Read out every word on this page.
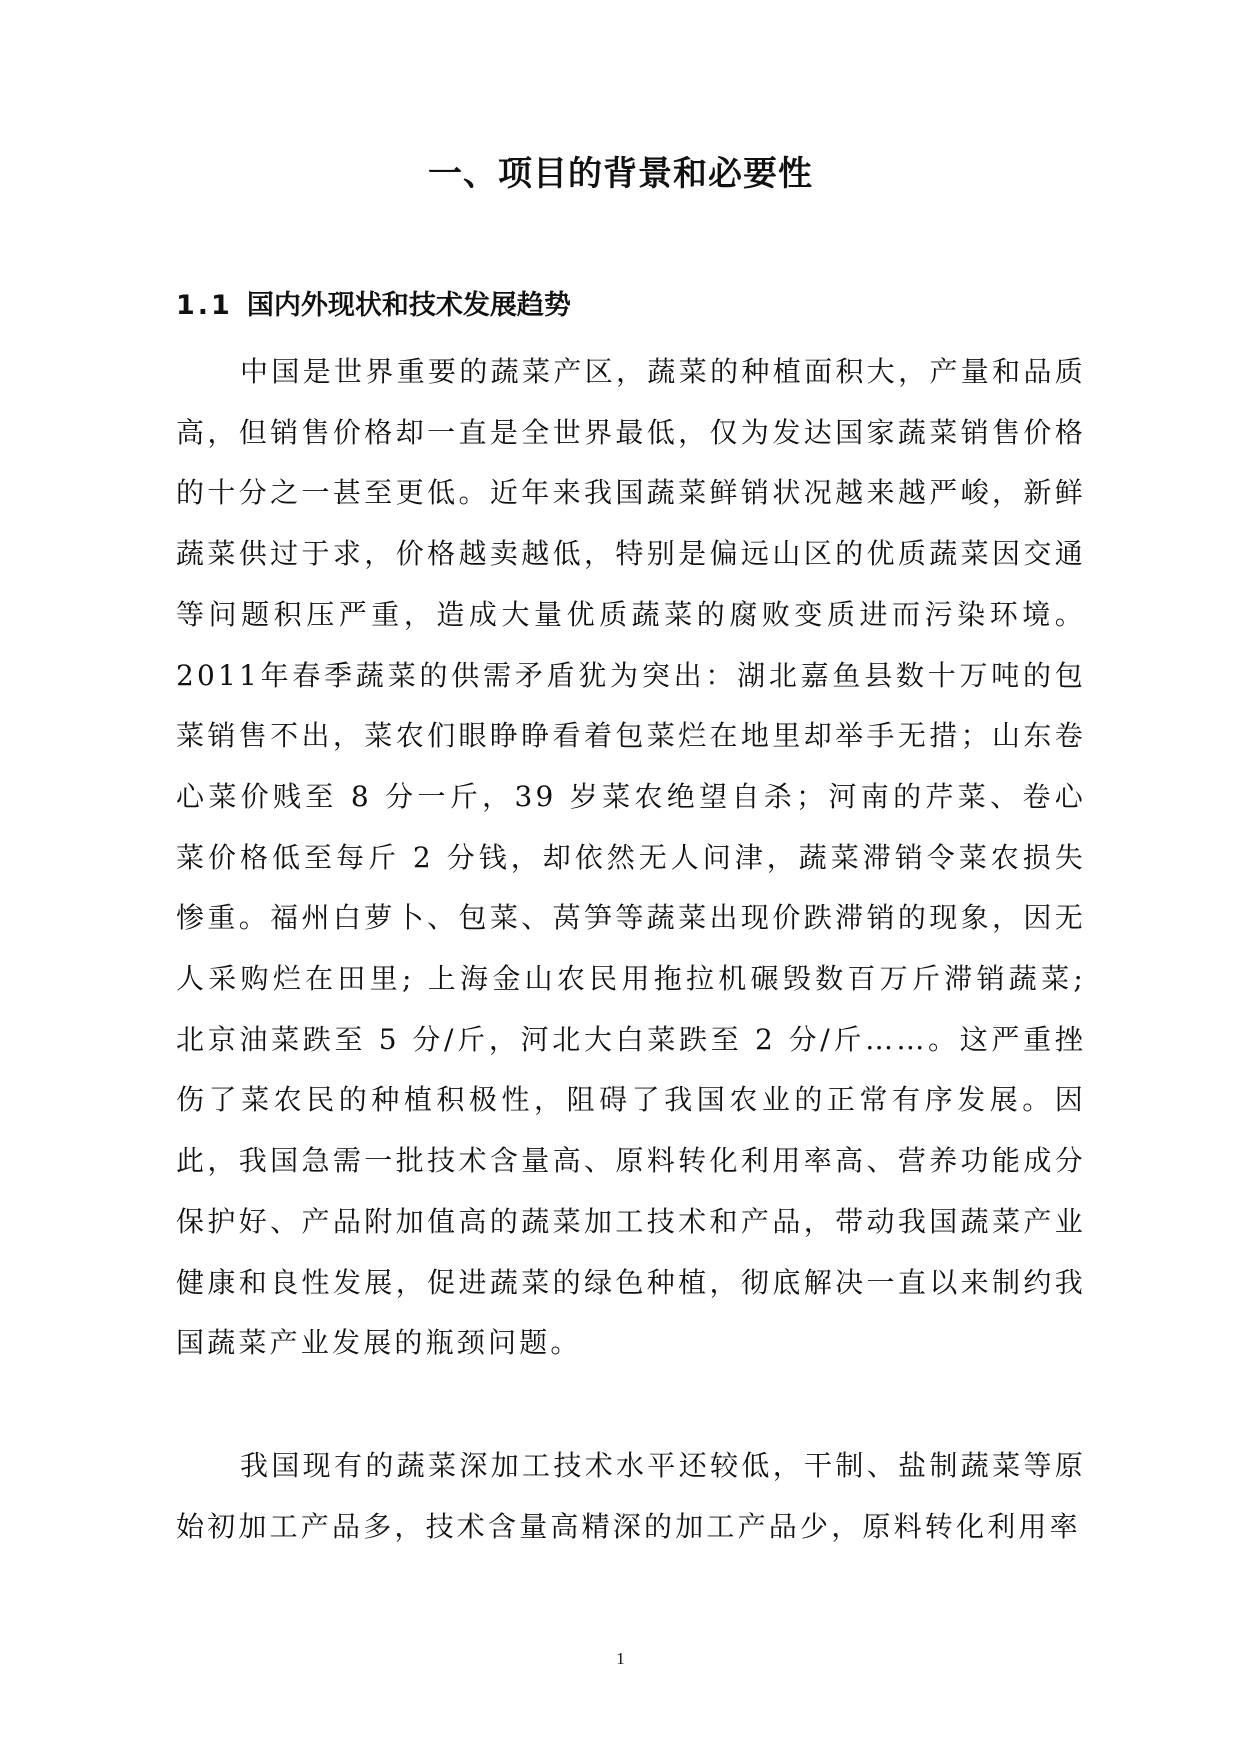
一、项目的背景和必要性
1.1 国内外现状和技术发展趋势

中国是世界重要的蔬菜产区，蔬菜的种植面积大，产量和品质高，但销售价格却一直是全世界最低，仅为发达国家蔬菜销售价格的十分之一甚至更低。近年来我国蔬菜鲜销状况越来越严峻，新鲜蔬菜供过于求，价格越卖越低，特别是偏远山区的优质蔬菜因交通等问题积压严重，造成大量优质蔬菜的腐败变质进而污染环境。2011年春季蔬菜的供需矛盾犹为突出：湖北嘉鱼县数十万吨的包菜销售不出，菜农们眼睁睁看着包菜烂在地里却举手无措；山东卷心菜价贱至 8 分一斤，39 岁菜农绝望自杀；河南的芹菜、卷心菜价格低至每斤 2 分钱，却依然无人问津，蔬菜滞销令菜农损失惨重。福州白萝卜、包菜、莴笋等蔬菜出现价跌滞销的现象，因无人采购烂在田里; 上海金山农民用拖拉机碾毁数百万斤滞销蔬菜; 北京油菜跌至 5 分/斤，河北大白菜跌至 2 分/斤……。这严重挫伤了菜农民的种植积极性，阻碍了我国农业的正常有序发展。因此，我国急需一批技术含量高、原料转化利用率高、营养功能成分保护好、产品附加值高的蔬菜加工技术和产品，带动我国蔬菜产业健康和良性发展，促进蔬菜的绿色种植，彻底解决一直以来制约我国蔬菜产业发展的瓶颈问题。

我国现有的蔬菜深加工技术水平还较低，干制、盐制蔬菜等原始初加工产品多，技术含量高精深的加工产品少，原料转化利用率

1
